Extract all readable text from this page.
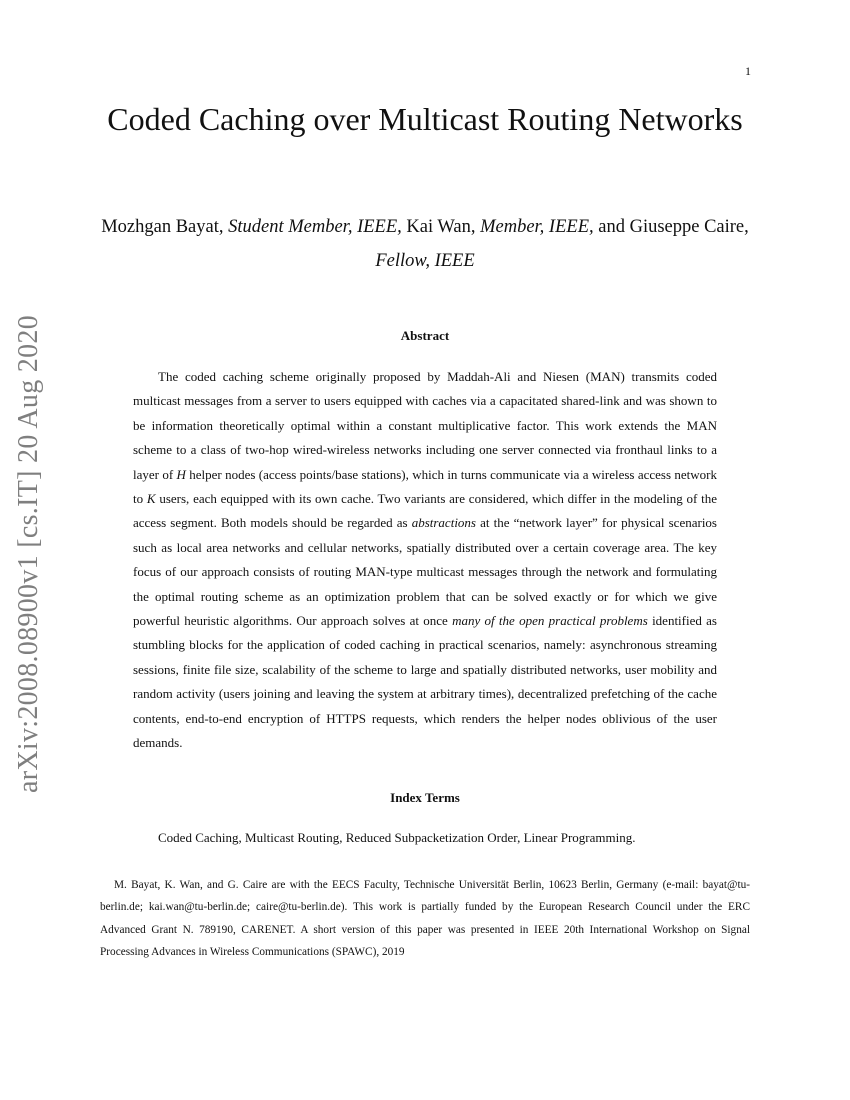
1
arXiv:2008.08900v1 [cs.IT] 20 Aug 2020
Coded Caching over Multicast Routing Networks
Mozhgan Bayat, Student Member, IEEE, Kai Wan, Member, IEEE, and Giuseppe Caire, Fellow, IEEE
Abstract

The coded caching scheme originally proposed by Maddah-Ali and Niesen (MAN) transmits coded multicast messages from a server to users equipped with caches via a capacitated shared-link and was shown to be information theoretically optimal within a constant multiplicative factor. This work extends the MAN scheme to a class of two-hop wired-wireless networks including one server connected via fronthaul links to a layer of H helper nodes (access points/base stations), which in turns communicate via a wireless access network to K users, each equipped with its own cache. Two variants are considered, which differ in the modeling of the access segment. Both models should be regarded as abstractions at the “network layer” for physical scenarios such as local area networks and cellular networks, spatially distributed over a certain coverage area. The key focus of our approach consists of routing MAN-type multicast messages through the network and formulating the optimal routing scheme as an optimization problem that can be solved exactly or for which we give powerful heuristic algorithms. Our approach solves at once many of the open practical problems identified as stumbling blocks for the application of coded caching in practical scenarios, namely: asynchronous streaming sessions, finite file size, scalability of the scheme to large and spatially distributed networks, user mobility and random activity (users joining and leaving the system at arbitrary times), decentralized prefetching of the cache contents, end-to-end encryption of HTTPS requests, which renders the helper nodes oblivious of the user demands.

Index Terms

Coded Caching, Multicast Routing, Reduced Subpacketization Order, Linear Programming.

M. Bayat, K. Wan, and G. Caire are with the EECS Faculty, Technische Universität Berlin, 10623 Berlin, Germany (e-mail: bayat@tu-berlin.de; kai.wan@tu-berlin.de; caire@tu-berlin.de). This work is partially funded by the European Research Council under the ERC Advanced Grant N. 789190, CARENET. A short version of this paper was presented in IEEE 20th International Workshop on Signal Processing Advances in Wireless Communications (SPAWC), 2019
